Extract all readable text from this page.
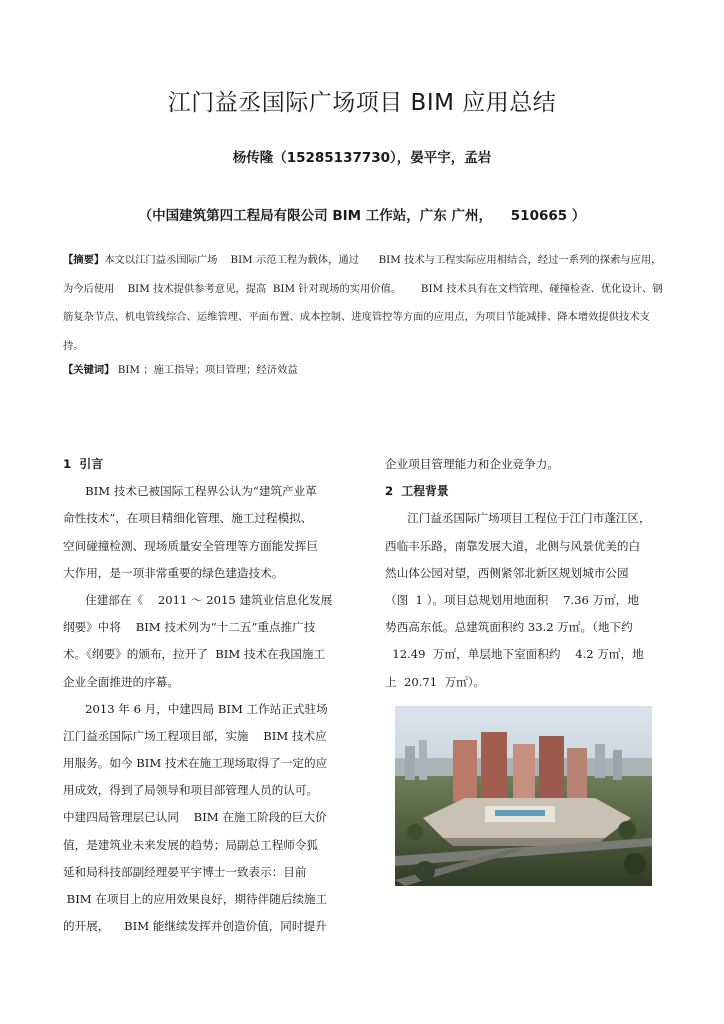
江门益丞国际广场项目 BIM 应用总结
杨传隆（15285137730），晏平宇，孟岩
（中国建筑第四工程局有限公司 BIM 工作站，广东 广州，    510665 ）
【摘要】本文以江门益丞国际广场    BIM 示范工程为载体，通过      BIM 技术与工程实际应用相结合，经过一系列的探索与应用，为今后使用    BIM 技术提供参考意见，提高  BIM 针对现场的实用价值。      BIM 技术具有在文档管理、碰撞检查、优化设计、钢筋复杂节点、机电管线综合、运维管理、平面布置、成本控制、进度管控等方面的应用点，为项目节能减排、降本增效提供技术支持。
【关键词】 BIM ；施工指导；项目管理；经济效益
1  引言
BIM 技术已被国际工程界公认为“建筑产业革
命性技术”，在项目精细化管理、施工过程模拟、
空间碰撞检测、现场质量安全管理等方面能发挥巨
大作用，是一项非常重要的绿色建造技术。
住建部在《    2011 ～ 2015 建筑业信息化发展
纲要》中将    BIM 技术列为“十二五”重点推广技
术。《纲要》的颁布，拉开了  BIM 技术在我国施工
企业全面推进的序幕。
2013 年 6 月，中建四局 BIM 工作站正式驻场
江门益丞国际广场工程项目部，实施    BIM 技术应
用服务。如今 BIM 技术在施工现场取得了一定的应
用成效，得到了局领导和项目部管理人员的认可。
中建四局管理层已认同    BIM 在施工阶段的巨大价
值，是建筑业未来发展的趋势；局副总工程师令狐
延和局科技部副经理晏平宇博士一致表示：目前
BIM 在项目上的应用效果良好，期待伴随后续施工
的开展，    BIM 能继续发挥并创造价值，同时提升
企业项目管理能力和企业竞争力。
2  工程背景
江门益丞国际广场项目工程位于江门市蓬江区，
西临丰乐路，南靠发展大道，北侧与风景优美的白
然山体公园对望，西侧紧邻北新区规划城市公园
（图  1 ）。项目总规划用地面积    7.36 万㎡，地
势西高东低。总建筑面积约 33.2 万㎡。（地下约
12.49  万㎡，单层地下室面积约    4.2 万㎡，地
上  20.71  万㎡）。
